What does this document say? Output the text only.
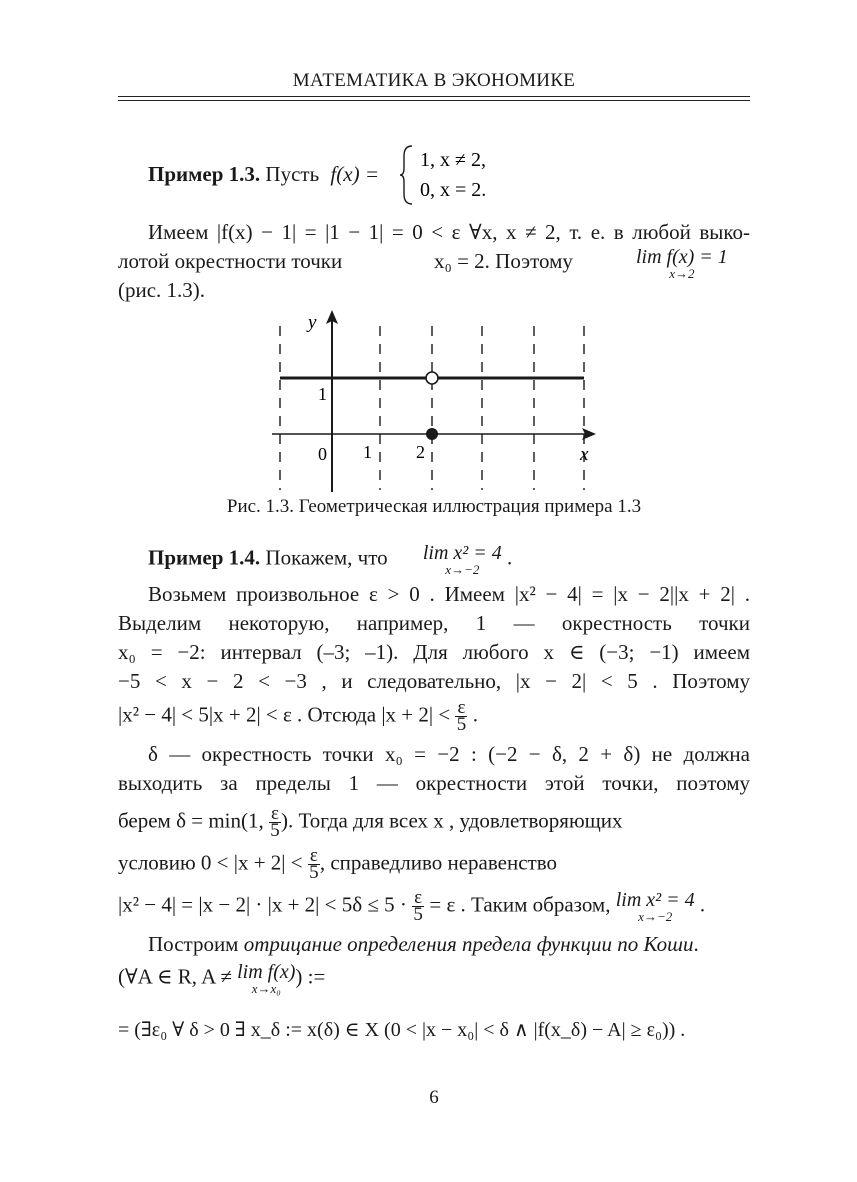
МАТЕМАТИКА В ЭКОНОМИКЕ
Пример 1.3. Пусть f(x) =
1, x ≠ 2,
0, x = 2.
Имеем |f(x) − 1| = |1 − 1| = 0 < ε ∀x, x ≠ 2, т. е. в любой выко-
лотой окрестности точки	x₀ = 2. Поэтому	lim f(x) = 1
x→2
(рис. 1.3).
y
x
1
0 1 2
Рис. 1.3. Геометрическая иллюстрация примера 1.3
Пример 1.4. Покажем, что	lim x² = 4
x→−2
.
Возьмем произвольное ε > 0 . Имеем |x² − 4| = |x − 2||x + 2| .
Выделим некоторую, например, 1 — окрестность точки
x₀ = −2: интервал (–3; –1). Для любого x ∈ (−3; −1) имеем
−5 < x − 2 < −3 , и следовательно, |x − 2| < 5 . Поэтому
|x² − 4| < 5|x + 2| < ε . Отсюда $|x + 2| < \frac{\varepsilon}{5}$ .
δ — окрестность точки x₀ = −2 : (−2 − δ, 2 + δ) не должна
выходить за пределы 1 — окрестности этой точки, поэтому
берем δ = min(1, $\frac{\varepsilon}{5}$ ). Тогда для всех x , удовлетворяющих
условию $0 < |x + 2| < \frac{\varepsilon}{5}$ , справедливо неравенство
$|x^2 - 4| = |x - 2| \cdot |x + 2| < 5\delta \le 5 \cdot \frac{\varepsilon}{5} = \varepsilon$ . Таким образом, lim x² = 4
x→−2
.
Построим отрицание определения предела функции по Коши.
(∀A ∈ R, A ≠ lim f(x)
x→x₀
) :=
= (∃ε₀ ∀ δ > 0 ∃ x_δ := x(δ) ∈ X (0 < |x − x₀| < δ ∧ |f(x_δ) − A| ≥ ε₀)) .
6
